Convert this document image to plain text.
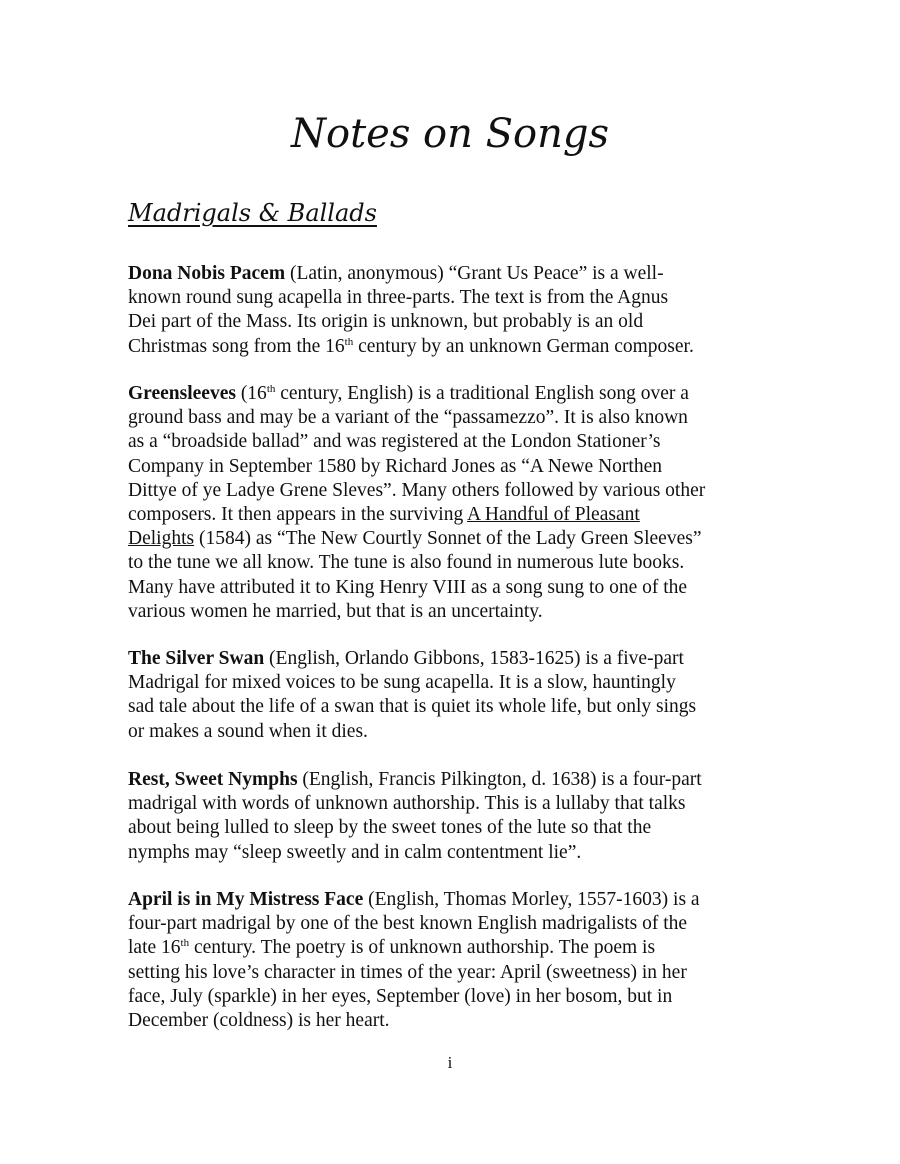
Notes on Songs
Madrigals & Ballads

Dona Nobis Pacem (Latin, anonymous) “Grant Us Peace” is a well-
known round sung acapella in three-parts. The text is from the Agnus
Dei part of the Mass. Its origin is unknown, but probably is an old
Christmas song from the 16th century by an unknown German composer.

Greensleeves (16th century, English) is a traditional English song over a
ground bass and may be a variant of the “passamezzo”. It is also known
as a “broadside ballad” and was registered at the London Stationer’s
Company in September 1580 by Richard Jones as “A Newe Northen
Dittye of ye Ladye Grene Sleves”. Many others followed by various other
composers. It then appears in the surviving A Handful of Pleasant
Delights (1584) as “The New Courtly Sonnet of the Lady Green Sleeves”
to the tune we all know. The tune is also found in numerous lute books.
Many have attributed it to King Henry VIII as a song sung to one of the
various women he married, but that is an uncertainty.

The Silver Swan (English, Orlando Gibbons, 1583-1625) is a five-part
Madrigal for mixed voices to be sung acapella. It is a slow, hauntingly
sad tale about the life of a swan that is quiet its whole life, but only sings
or makes a sound when it dies.

Rest, Sweet Nymphs (English, Francis Pilkington, d. 1638) is a four-part
madrigal with words of unknown authorship. This is a lullaby that talks
about being lulled to sleep by the sweet tones of the lute so that the
nymphs may “sleep sweetly and in calm contentment lie”.

April is in My Mistress Face (English, Thomas Morley, 1557-1603) is a
four-part madrigal by one of the best known English madrigalists of the
late 16th century. The poetry is of unknown authorship. The poem is
setting his love’s character in times of the year: April (sweetness) in her
face, July (sparkle) in her eyes, September (love) in her bosom, but in
December (coldness) is her heart.

i
